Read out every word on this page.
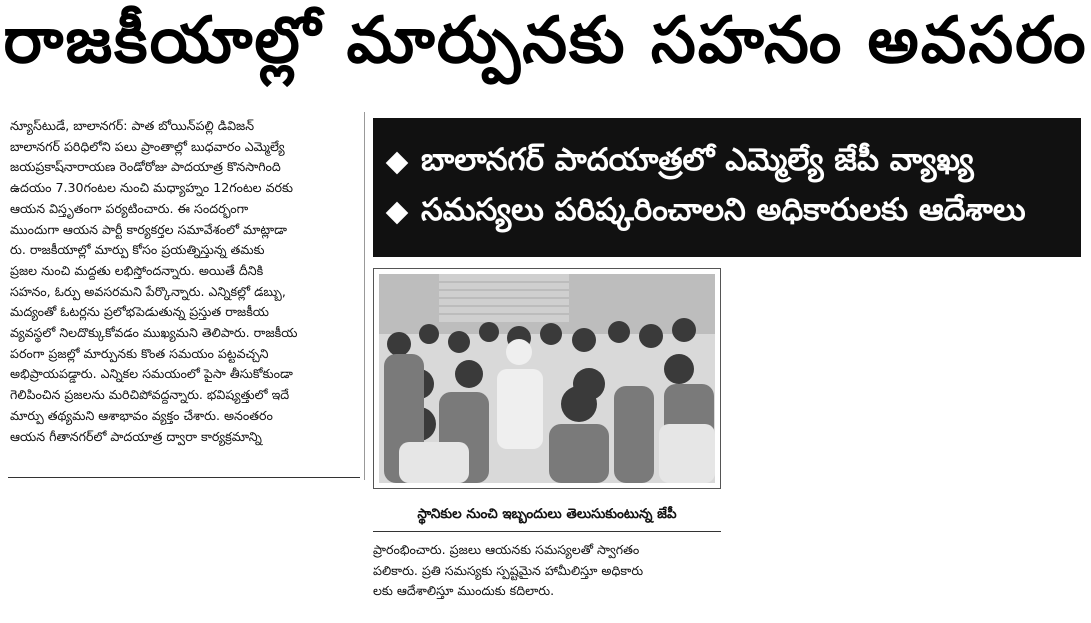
రాజకీయాల్లో మార్పునకు సహనం అవసరం
న్యూస్‌టుడే, బాలానగర్: పాత బోయిన్‌పల్లి డివిజన్
బాలానగర్ పరిధిలోని పలు ప్రాంతాల్లో బుధవారం ఎమ్మెల్యే
జయప్రకాష్‌నారాయణ రెండోరోజు పాదయాత్ర కొనసాగింది
ఉదయం 7.30గంటల నుంచి మధ్యాహ్నం 12గంటల వరకు
ఆయన విస్తృతంగా పర్యటించారు. ఈ సందర్భంగా
ముందుగా ఆయన పార్టీ కార్యకర్తల సమావేశంలో మాట్లాడా
రు. రాజకీయాల్లో మార్పు కోసం ప్రయత్నిస్తున్న తమకు
ప్రజల నుంచి మద్దతు లభిస్తోందన్నారు. అయితే దీనికి
సహనం, ఓర్పు అవసరమని పేర్కొన్నారు. ఎన్నికల్లో డబ్బు,
మద్యంతో ఓటర్లను ప్రలోభపెడుతున్న ప్రస్తుత రాజకీయ
వ్యవస్థలో నిలదొక్కుకోవడం ముఖ్యమని తెలిపారు. రాజకీయ
పరంగా ప్రజల్లో మార్పునకు కొంత సమయం పట్టవచ్చని
అభిప్రాయపడ్డారు. ఎన్నికల సమయంలో పైసా తీసుకోకుండా
గెలిపించిన ప్రజలను మరిచిపోవద్దన్నారు. భవిష్యత్తులో ఇదే
మార్పు తథ్యమని ఆశాభావం వ్యక్తం చేశారు. అనంతరం
ఆయన గీతానగర్‌లో పాదయాత్ర ద్వారా కార్యక్రమాన్ని
బాలానగర్ పాదయాత్రలో ఎమ్మెల్యే జేపీ వ్యాఖ్య
సమస్యలు పరిష్కరించాలని అధికారులకు ఆదేశాలు
స్థానికుల నుంచి ఇబ్బందులు తెలుసుకుంటున్న జేపీ
ప్రారంభించారు. ప్రజలు ఆయనకు సమస్యలతో స్వాగతం
పలికారు. ప్రతి సమస్యకు స్పష్టమైన హామీలిస్తూ అధికారు
లకు ఆదేశాలిస్తూ ముందుకు కదిలారు.
